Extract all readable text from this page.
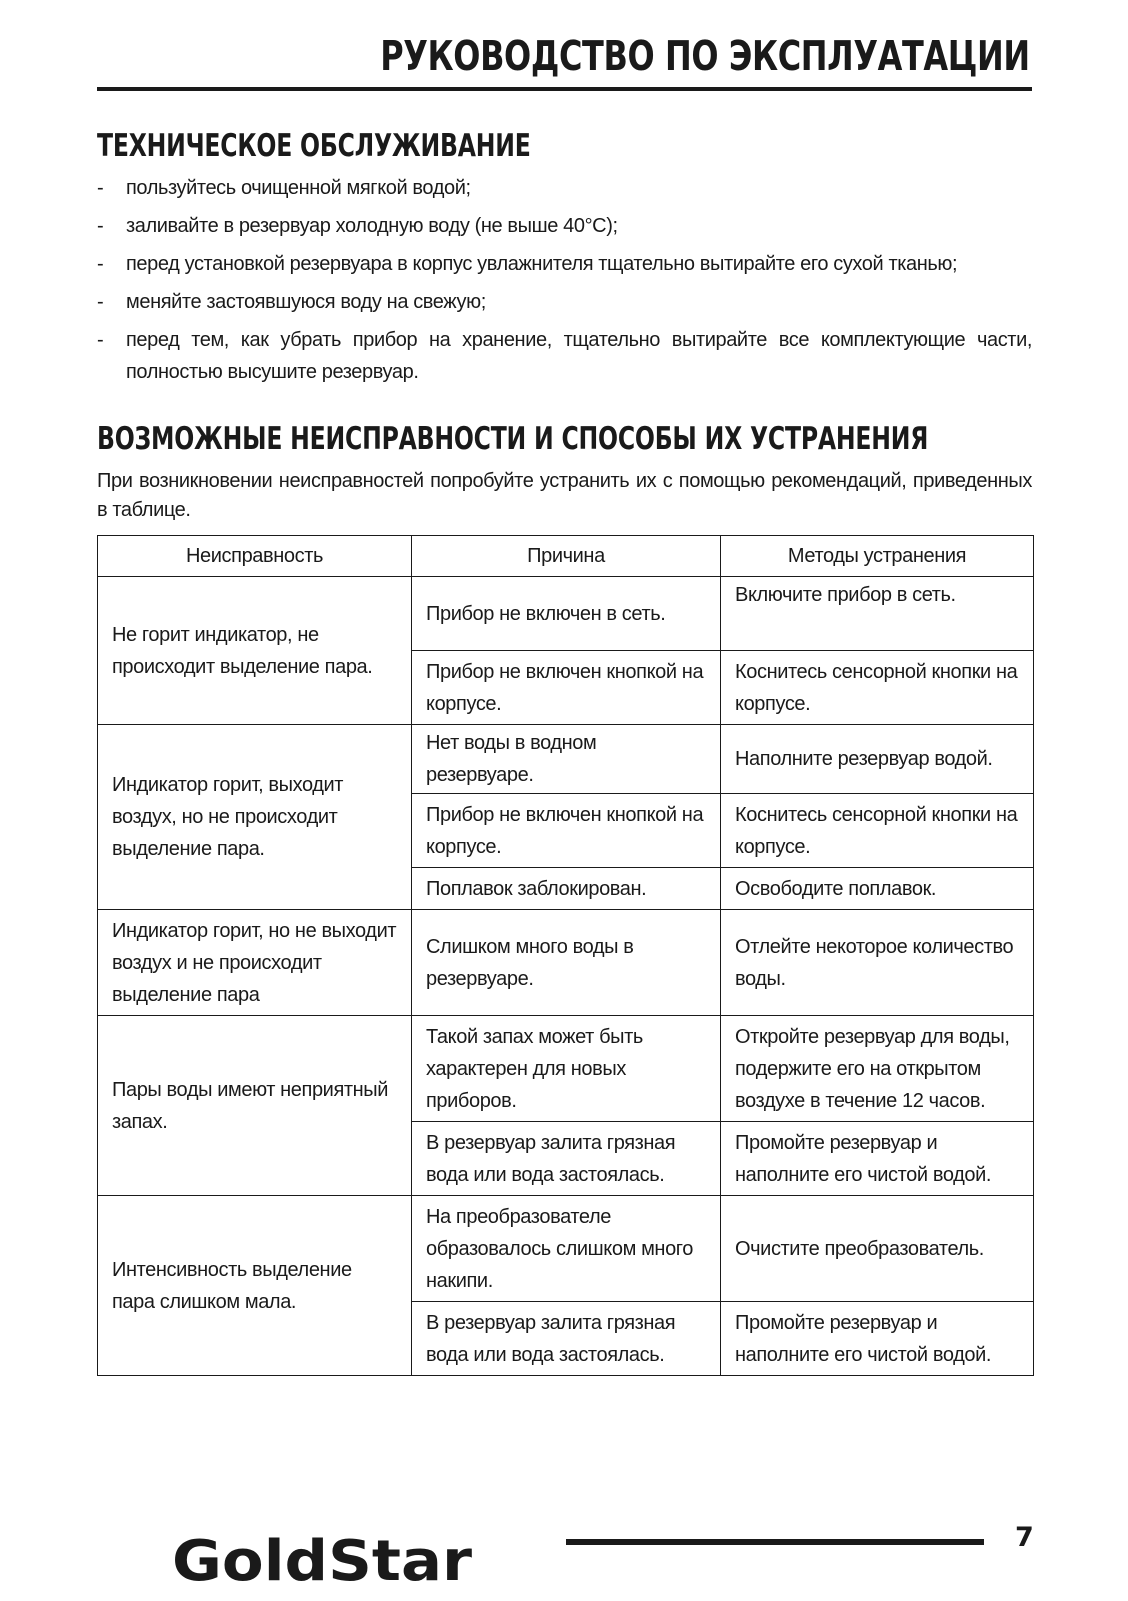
РУКОВОДСТВО ПО ЭКСПЛУАТАЦИИ
ТЕХНИЧЕСКОЕ ОБСЛУЖИВАНИЕ
- пользуйтесь очищенной мягкой водой;
- заливайте в резервуар холодную воду (не выше 40°С);
- перед установкой резервуара в корпус увлажнителя тщательно вытирайте его сухой тканью;
- меняйте застоявшуюся воду на свежую;
- перед тем, как убрать прибор на хранение, тщательно вытирайте все комплектующие части, полностью высушите резервуар.
ВОЗМОЖНЫЕ НЕИСПРАВНОСТИ И СПОСОБЫ ИХ УСТРАНЕНИЯ

При возникновении неисправностей попробуйте устранить их с помощью рекомендаций, приведенных в таблице.

Неисправность	Причина	Методы устранения
Не горит индикатор, не происходит выделение пара.	Прибор не включен в сеть.	Включите прибор в сеть.
	Прибор не включен кнопкой на корпусе.	Коснитесь сенсорной кнопки на корпусе.
Индикатор горит, выходит воздух, но не происходит выделение пара.	Нет воды в водном резервуаре.	Наполните резервуар водой.
	Прибор не включен кнопкой на корпусе.	Коснитесь сенсорной кнопки на корпусе.
	Поплавок заблокирован.	Освободите поплавок.
Индикатор горит, но не выходит воздух и не происходит выделение пара	Слишком много воды в резервуаре.	Отлейте некоторое количество воды.
Пары воды имеют неприятный запах.	Такой запах может быть характерен для новых приборов.	Откройте резервуар для воды, подержите его на открытом воздухе в течение 12 часов.
	В резервуар залита грязная вода или вода застоялась.	Промойте резервуар и наполните его чистой водой.
Интенсивность выделение пара слишком мала.	На преобразователе образовалось слишком много накипи.	Очистите преобразователь.
	В резервуар залита грязная вода или вода застоялась.	Промойте резервуар и наполните его чистой водой.
GoldStar	7
